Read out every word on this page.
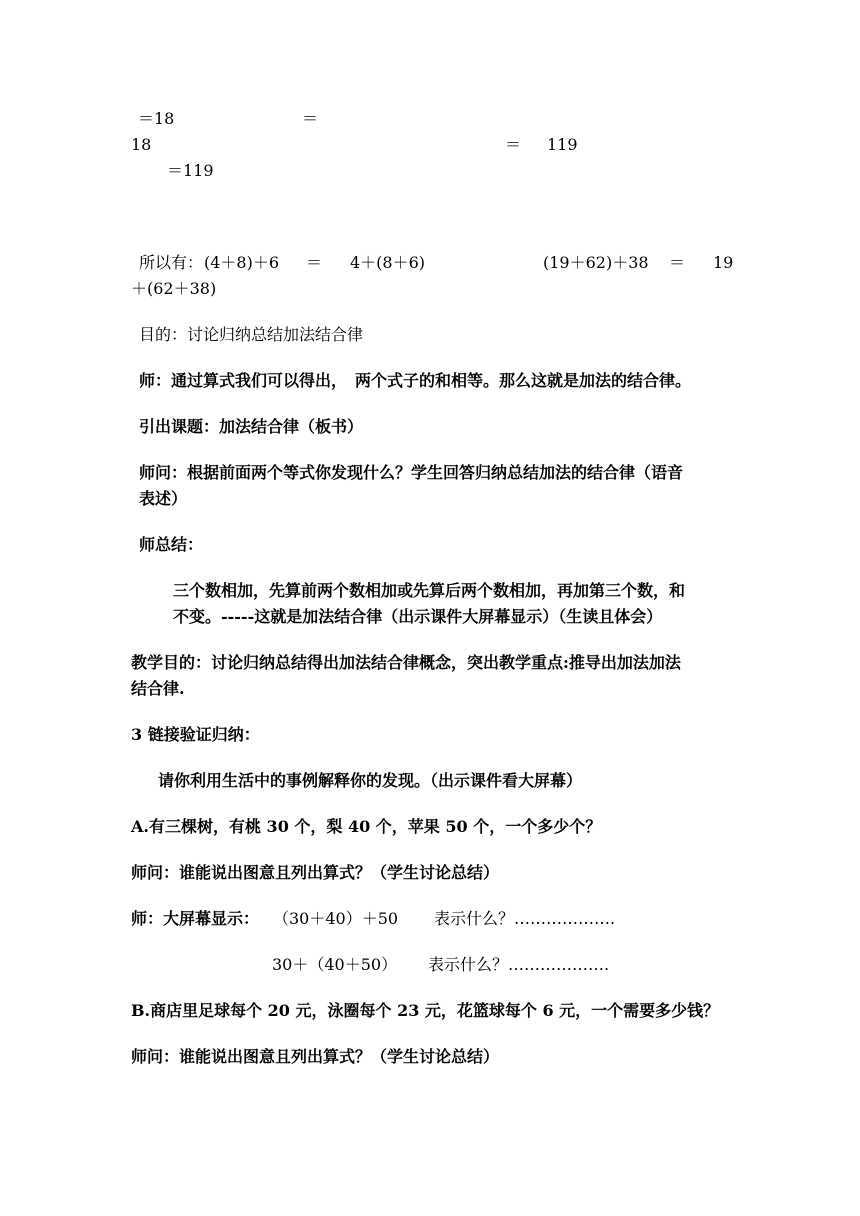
＝18	＝
18	＝ 119
＝119
所以有： (4＋8)＋6 ＝ 4＋(8＋6)	(19＋62)＋38 ＝ 19
＋(62＋38)
目的：讨论归纳总结加法结合律
师：通过算式我们可以得出，　两个式子的和相等。那么这就是加法的结合律。
引出课题：加法结合律（板书）
师问：根据前面两个等式你发现什么？学生回答归纳总结加法的结合律（语音
表述）
师总结：
三个数相加，先算前两个数相加或先算后两个数相加，再加第三个数，和
不变。-----这就是加法结合律（出示课件大屏幕显示）（生读且体会）
教学目的：讨论归纳总结得出加法结合律概念，突出教学重点:推导出加法加法
结合律.
3 链接验证归纳：
请你利用生活中的事例解释你的发现。（出示课件看大屏幕）
A.有三棵树，有桃 30 个，梨 40 个，苹果 50 个，一个多少个？
师问：谁能说出图意且列出算式？（学生讨论总结）
师：大屏幕显示： （30＋40）＋50 表示什么？……………….
30＋（40＋50） 表示什么？……………….
B.商店里足球每个 20 元，泳圈每个 23 元，花篮球每个 6 元，一个需要多少钱？
师问：谁能说出图意且列出算式？（学生讨论总结）
